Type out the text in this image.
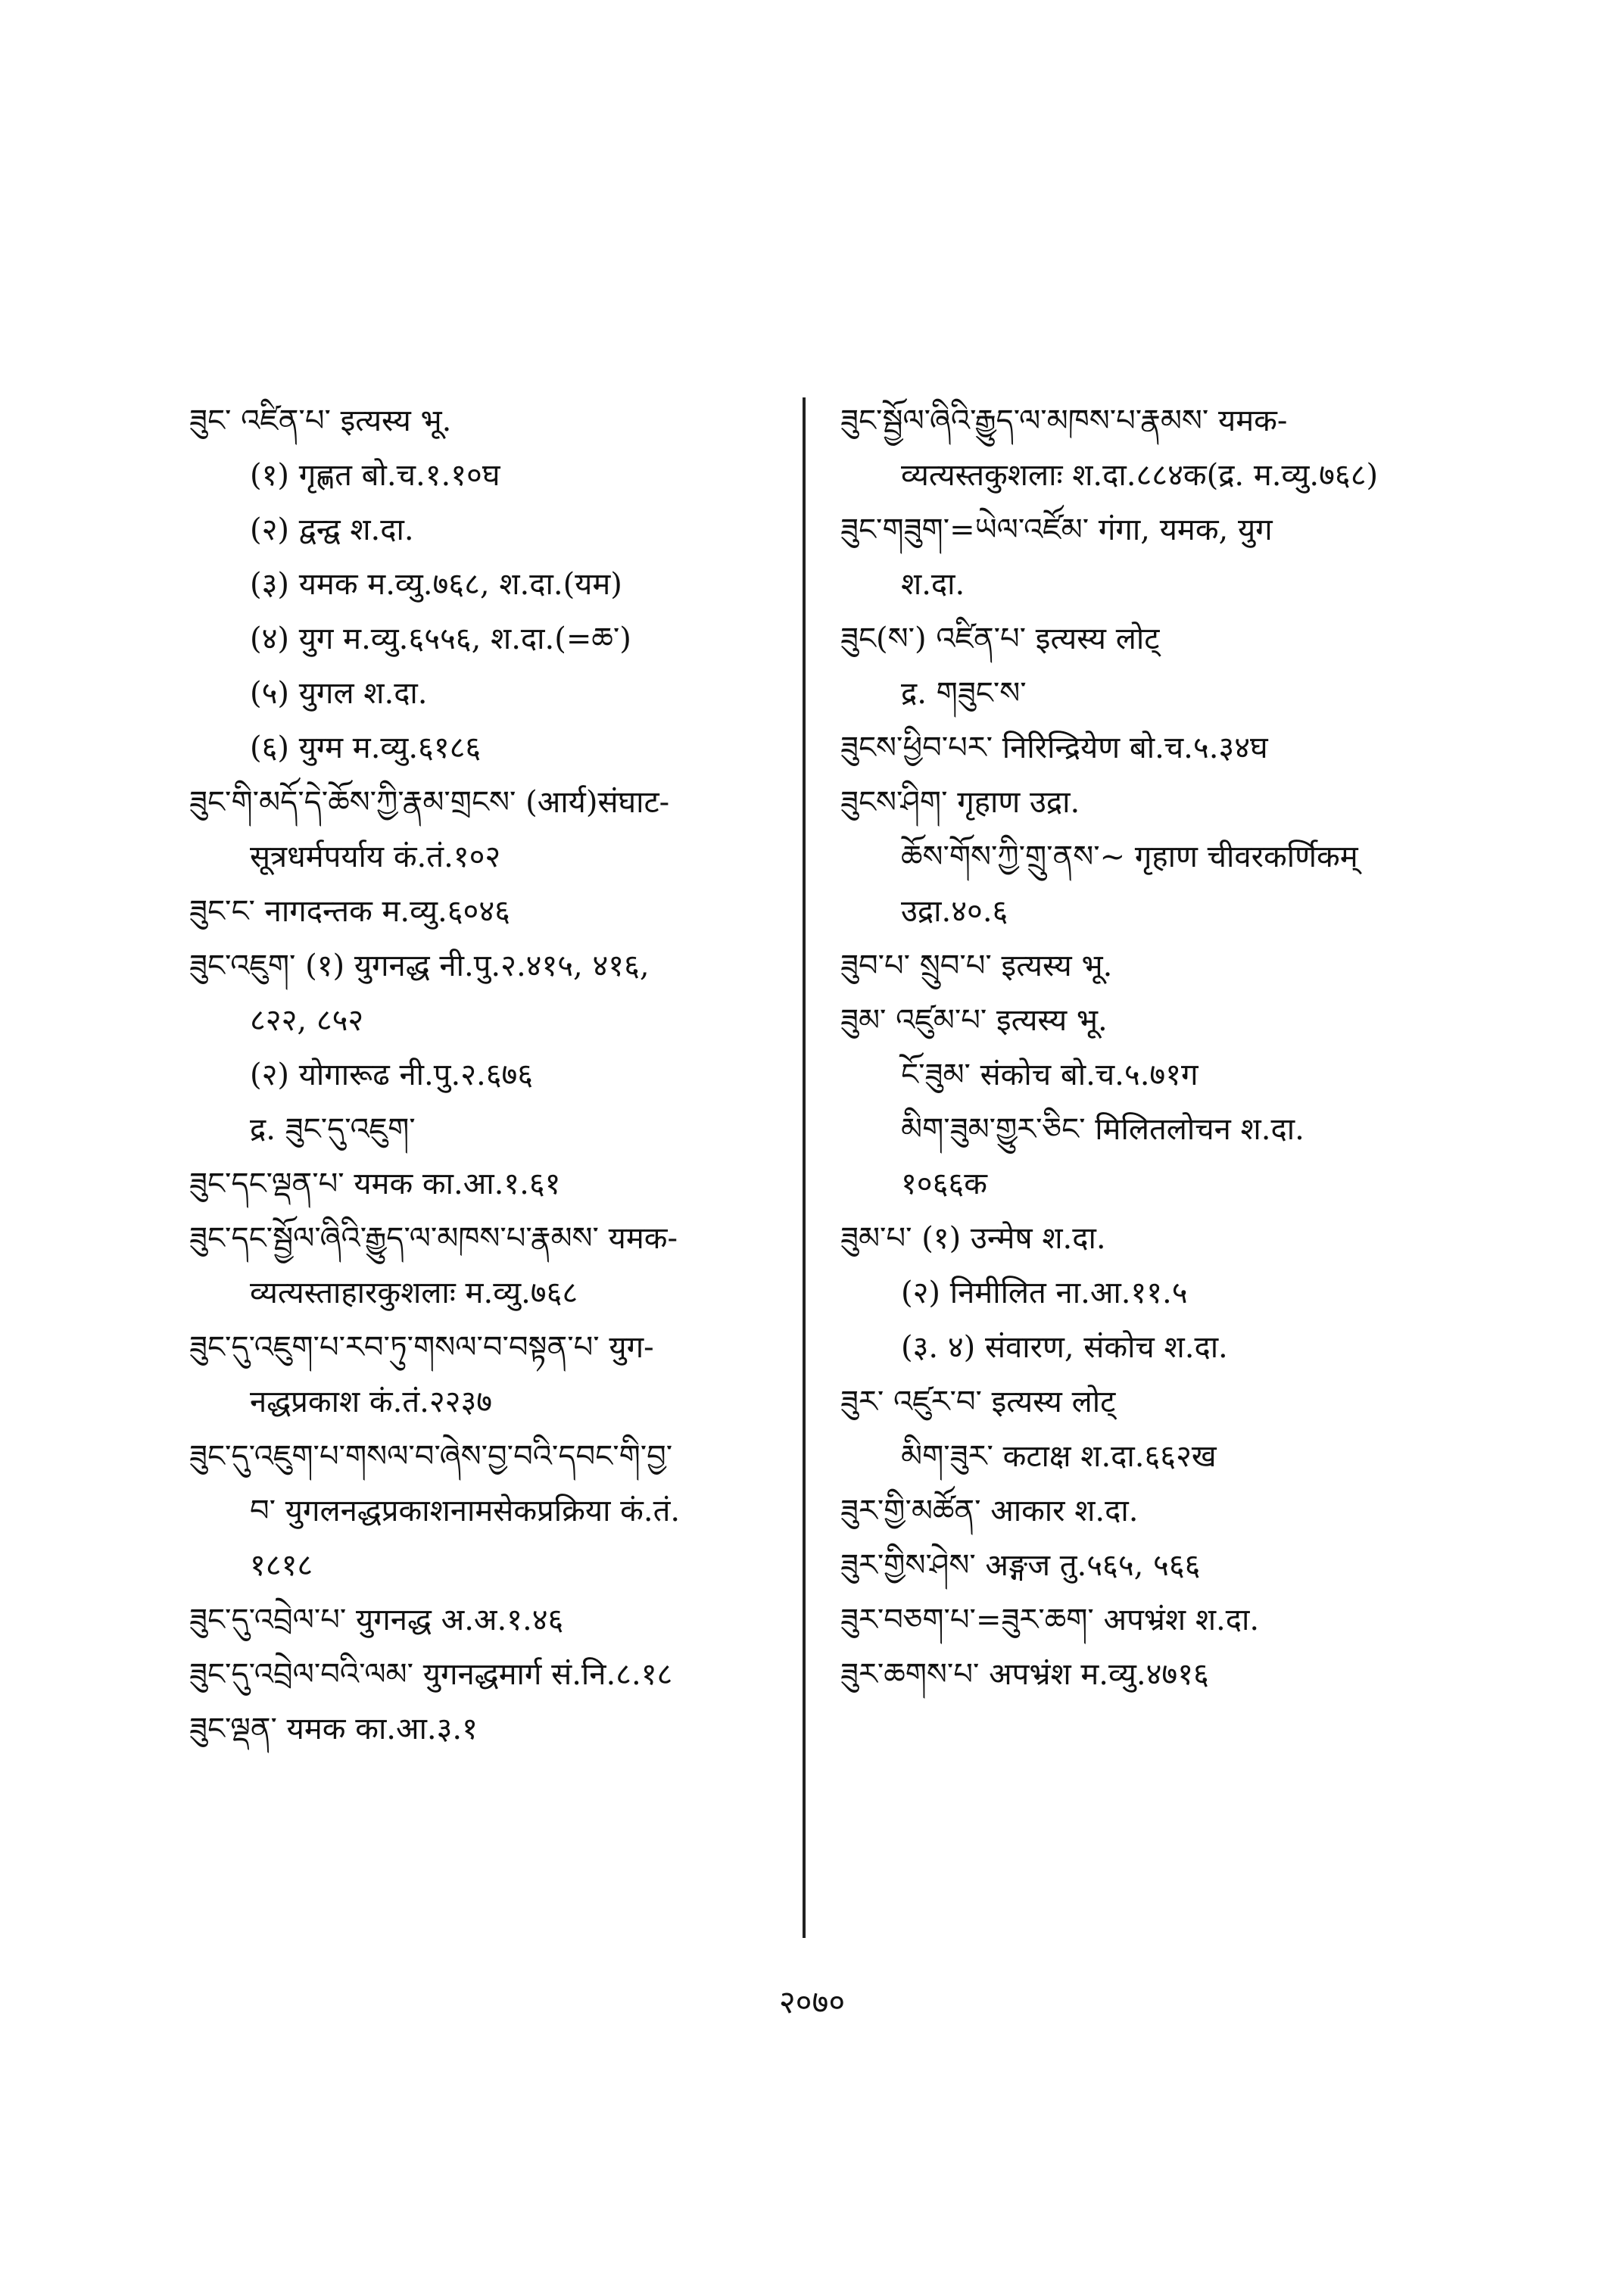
ཟུང་ འཛིན་པ་ इत्यस्य भू.
(१) गृह्णत बो.च.१.१०घ
(२) द्वन्द्व श.दा.
(३) यमक म.व्यु.७६८, श.दा.(यम)
(४) युग म.व्यु.६५५६, श.दा.(=ཆ་)
(५) युगल श.दा.
(६) युग्म म.व्यु.६१८६
ཟུང་གི་མདོ་དེ་ཆོས་ཀྱི་རྣམ་གྲངས་ (आर्य)संघाट-
सूत्रधर्मपर्याय कं.तं.१०२
ཟུང་ང་ नागदन्तक म.व्यु.६०४६
ཟུང་འཇུག་ (१) युगनद्ध नी.पु.२.४१५, ४१६,
८२२, ८५२
(२) योगारूढ नी.पु.२.६७६
द्र. ཟུང་དུ་འཇུག་
ཟུང་དང་ལྡན་པ་ यमक का.आ.१.६१
ཟུང་དང་སྦྱོལ་ཞིའི་རྒྱུད་ལ་མཁས་པ་རྣམས་ यमक-
व्यत्यस्ताहारकुशलाः म.व्यु.७६८
ཟུང་དུ་འཇུག་པ་རབ་ཏུ་གསལ་བ་བསྟན་པ་ युग-
नद्धप्रकाश कं.तं.२२३७
ཟུང་དུ་འཇུག་པ་གསལ་བ་ཞེས་བྱ་བའི་དབང་གི་བྱ་
བ་ युगलनद्धप्रकाशनामसेकप्रक्रिया कं.तं.
१८१८
ཟུང་དུ་འབྲེལ་པ་ युगनद्ध अ.अ.१.४६
ཟུང་དུ་འབྲེལ་བའི་ལམ་ युगनद्धमार्ग सं.नि.८.१८
ཟུང་ལྡན་ यमक का.आ.३.१
ཟུང་སྦྱོལ་ཞིའི་རྒྱུད་ལ་མཁས་པ་རྣམས་ यमक-
व्यत्यस्तकुशलाः श.दा.८८४क(द्र. म.व्यु.७६८)
ཟུང་གཟུག་=ཡེལ་འཛོམ་ गंगा, यमक, युग
श.दा.
ཟུང(ས་) འཛིན་པ་ इत्यस्य लोट्
द्र. གཟུང་ས་
ཟུངས་ཕྱིབ་པར་ निरिन्द्रियेण बो.च.५.३४घ
ཟུངས་ཤིག་ गृहाण उद्रा.
ཆོས་གོས་ཀྱི་གྲུ་ནས་~ गृहाण चीवरकर्णिकम्
उद्रा.४०.६
ཟུབ་པ་ སྲུབ་པ་ इत्यस्य भू.
ཟུམ་ འཛུམ་པ་ इत्यस्य भू.
ངོ་ཟུམ་ संकोच बो.च.५.७१ग
མིག་ཟུམ་གྱུར་ཅིང་ मिलितलोचन श.दा.
१०६६क
ཟུམ་པ་ (१) उन्मेष श.दा.
(२) निमीलित ना.आ.११.५
(३. ४) संवारण, संकोच श.दा.
ཟུར་ འཛུར་བ་ इत्यस्य लोट्
མིག་ཟུར་ कटाक्ष श.दा.६६२ख
ཟུར་གྱི་མཚོན་ आकार श.दा.
ཟུར་གྱིས་ཤེས་ अङ्गज तु.५६५, ५६६
ཟུར་བཅག་པ་=ཟུར་ཆག་ अपभ्रंश श.दा.
ཟུར་ཆགས་པ་ अपभ्रंश म.व्यु.४७१६
२०७०
